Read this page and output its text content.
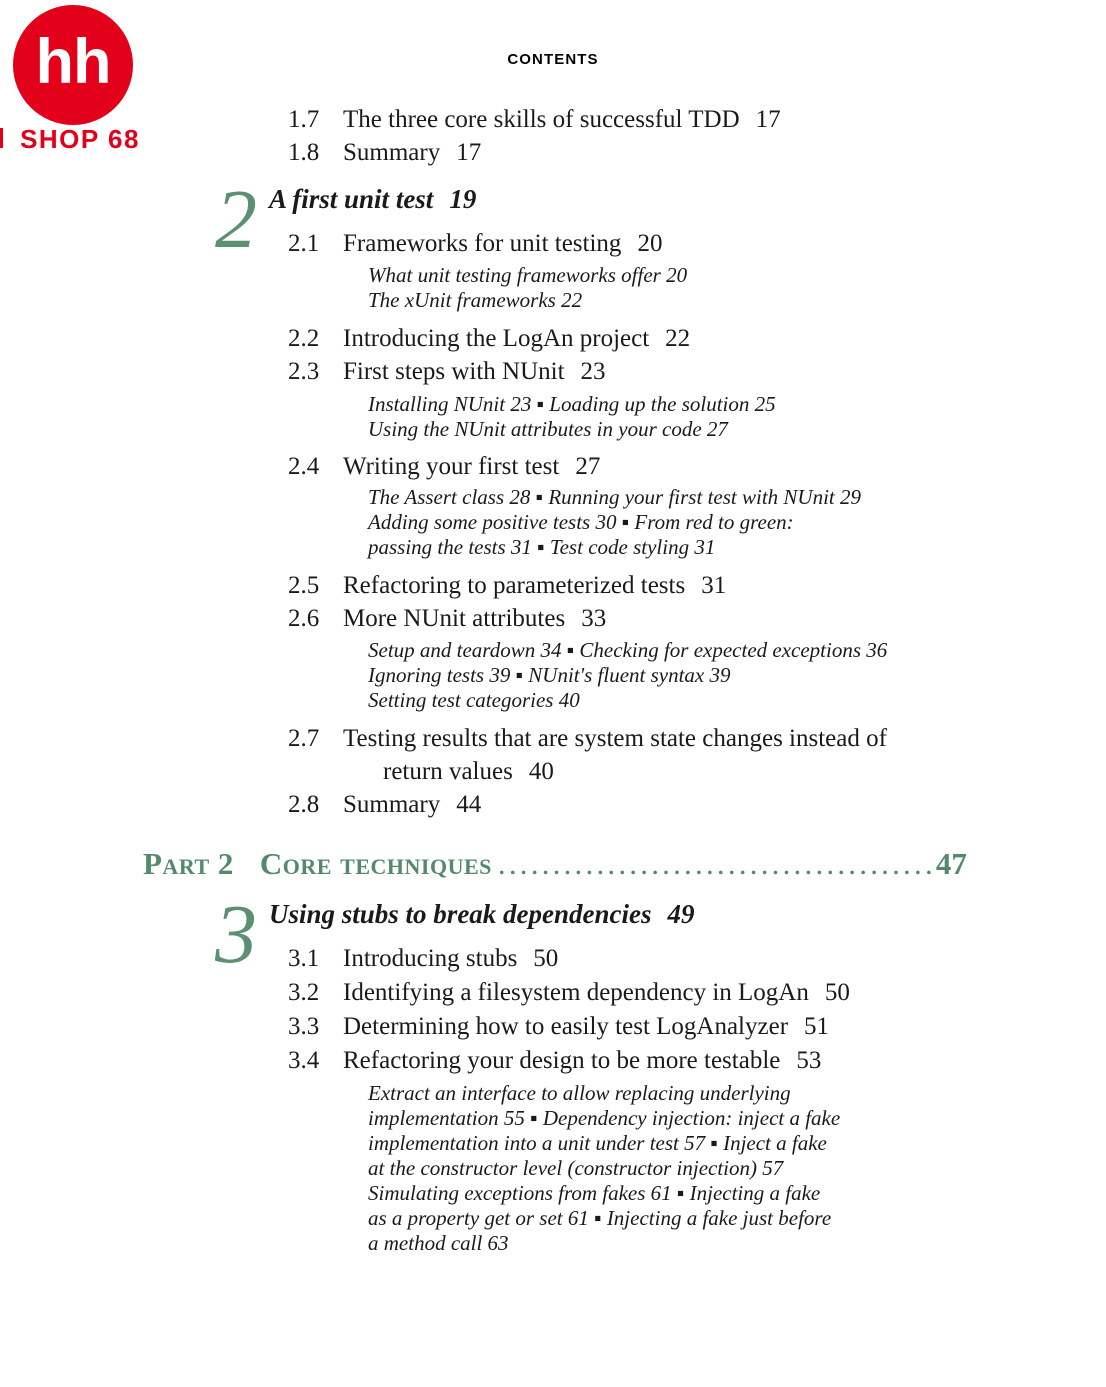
hh
SHOP 68
CONTENTS
1.7 The three core skills of successful TDD 17
1.8 Summary 17
2 A first unit test 19
2.1 Frameworks for unit testing 20
What unit testing frameworks offer 20
The xUnit frameworks 22
2.2 Introducing the LogAn project 22
2.3 First steps with NUnit 23
Installing NUnit 23 ▪ Loading up the solution 25
Using the NUnit attributes in your code 27
2.4 Writing your first test 27
The Assert class 28 ▪ Running your first test with NUnit 29
Adding some positive tests 30 ▪ From red to green:
passing the tests 31 ▪ Test code styling 31
2.5 Refactoring to parameterized tests 31
2.6 More NUnit attributes 33
Setup and teardown 34 ▪ Checking for expected exceptions 36
Ignoring tests 39 ▪ NUnit's fluent syntax 39
Setting test categories 40
2.7 Testing results that are system state changes instead of
return values 40
2.8 Summary 44
Part 2 Core techniques ........................................47
3 Using stubs to break dependencies 49
3.1 Introducing stubs 50
3.2 Identifying a filesystem dependency in LogAn 50
3.3 Determining how to easily test LogAnalyzer 51
3.4 Refactoring your design to be more testable 53
Extract an interface to allow replacing underlying
implementation 55 ▪ Dependency injection: inject a fake
implementation into a unit under test 57 ▪ Inject a fake
at the constructor level (constructor injection) 57
Simulating exceptions from fakes 61 ▪ Injecting a fake
as a property get or set 61 ▪ Injecting a fake just before
a method call 63
